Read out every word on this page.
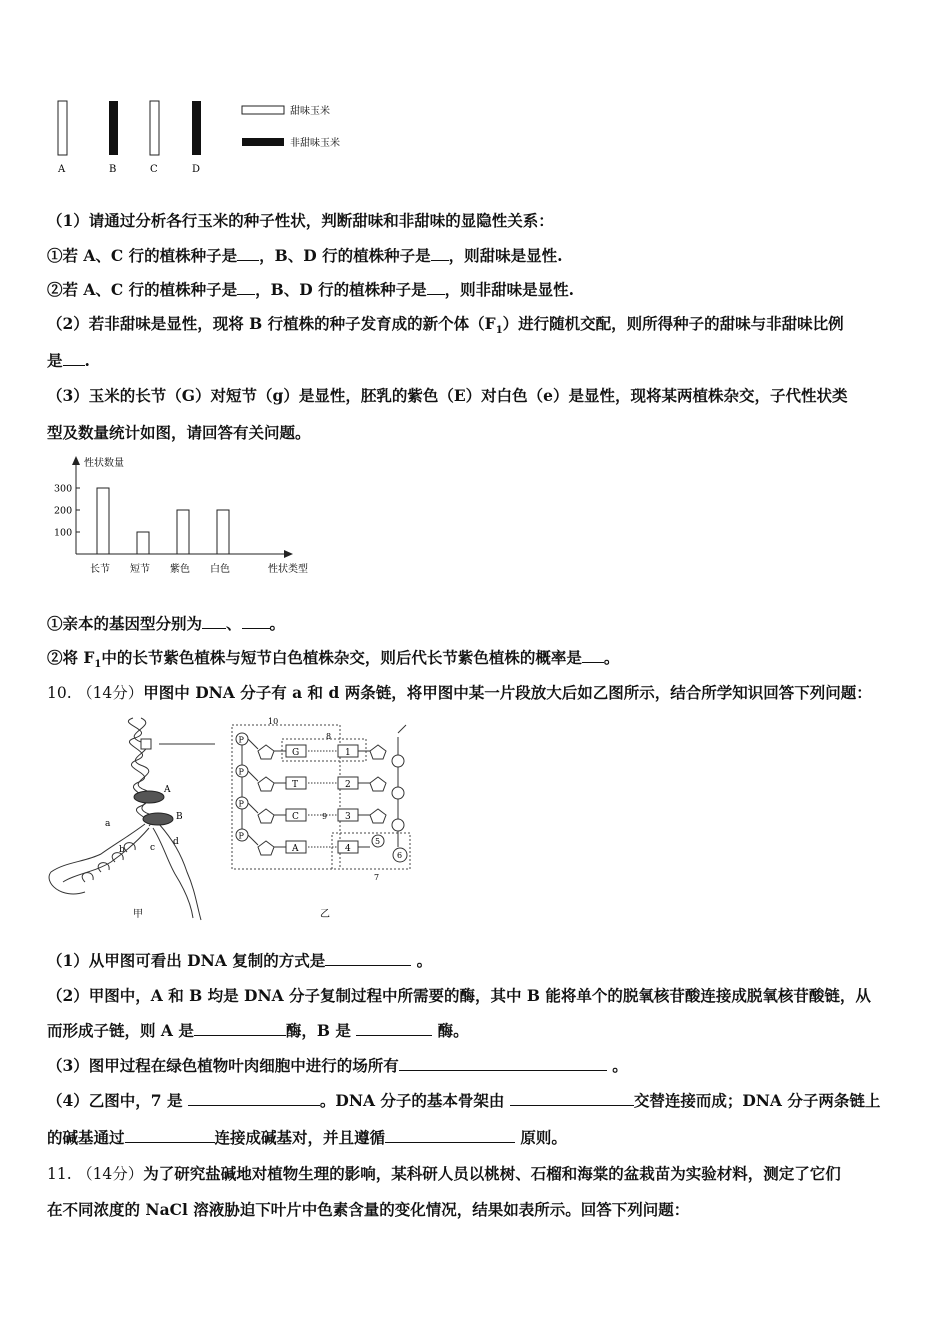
A	B	C	D
甜味玉米
非甜味玉米
（1）请通过分析各行玉米的种子性状，判断甜味和非甜味的显隐性关系：
①若 A、C 行的植株种子是 ，B、D 行的植株种子是 ，则甜味是显性.
②若 A、C 行的植株种子是 ，B、D 行的植株种子是 ，则非甜味是显性.
（2）若非甜味是显性，现将 B 行植株的种子发育成的新个体$(F_1)$进行随机交配，则所得种子的甜味与非甜味比例
是 .
（3）玉米的长节（G）对短节（g）是显性，胚乳的紫色（E）对白色（e）是显性，现将某两植株杂交，子代性状类
型及数量统计如图，请回答有关问题。
性状数量
性状类型
300
200
100
长节 短节 紫色 白色
①亲本的基因型分别为 、 。
②将 $F_1$中的长节紫色植株与短节白色植株杂交，则后代长节紫色植株的概率是 。
10. （14分）甲图中 DNA 分子有 a 和 d 两条链，将甲图中某一片段放大后如乙图所示，结合所学知识回答下列问题：
A
B
a
b	c
d
甲
10
8
7
P
G	1
P
T	2
P
C	9 3
P
A	4
5
6
乙
（1）从甲图可看出 DNA 复制的方式是	。
（2）甲图中，A 和 B 均是 DNA 分子复制过程中所需要的酶，其中 B 能将单个的脱氧核苷酸连接成脱氧核苷酸链，从
而形成子链，则 A 是	酶，B 是	酶。
（3）图甲过程在绿色植物叶肉细胞中进行的场所有	。
（4）乙图中，7 是	。DNA 分子的基本骨架由	交替连接而成；DNA 分子两条链上
的碱基通过	连接成碱基对，并且遵循	原则。
11. （14分）为了研究盐碱地对植物生理的影响，某科研人员以桃树、石榴和海棠的盆栽苗为实验材料，测定了它们
在不同浓度的 NaCl 溶液胁迫下叶片中色素含量的变化情况，结果如表所示。回答下列问题：
